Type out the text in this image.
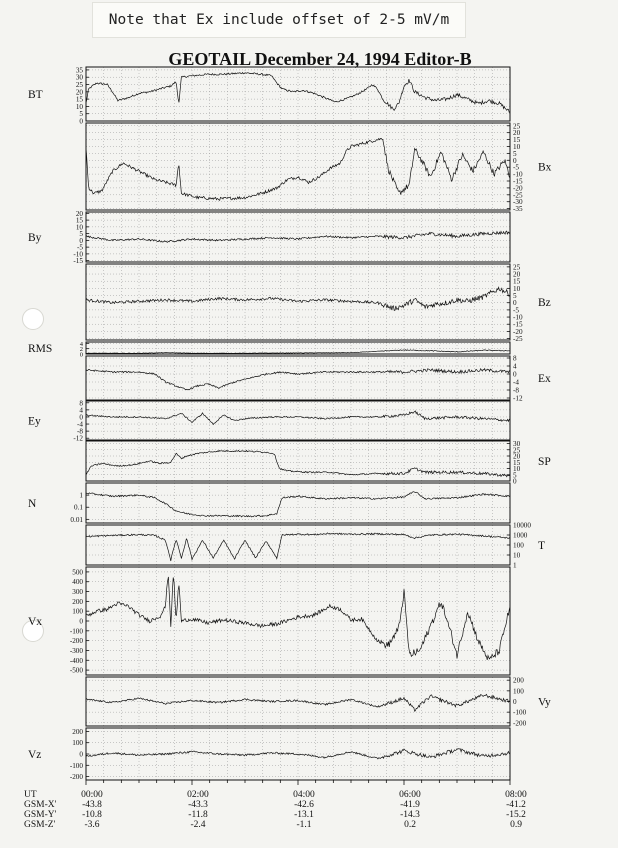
Note that Ex include offset of 2-5 mV/m
GEOTAIL December 24, 1994 Editor-B
35
30
25
20
15
10
5
0
BT
25
20
15
10
5
0
-5
-10
-15
-20
-25
-30
-35
Bx
20
15
10
5
0
-5
-10
-15
By
25
20
15
10
5
0
-5
-10
-15
-20
-25
Bz
4
2
0
RMS
8
4
0
-4
-8
-12
Ex
8
4
0
-4
-8
-12
Ey
30
25
20
15
10
5
0
SP
1
0.1
0.01
N
10000
1000
100
10
1
T
500
400
300
200
100
0
-100
-200
-300
-400
-500
Vx
200
100
0
-100
-200
Vy
200
100
0
-100
-200
Vz
UT
GSM-X'
GSM-Y'
GSM-Z'
00:00
-43.8
-10.8
-3.6
02:00
-43.3
-11.8
-2.4
04:00
-42.6
-13.1
-1.1
06:00
-41.9
-14.3
0.2
08:00
-41.2
-15.2
0.9
